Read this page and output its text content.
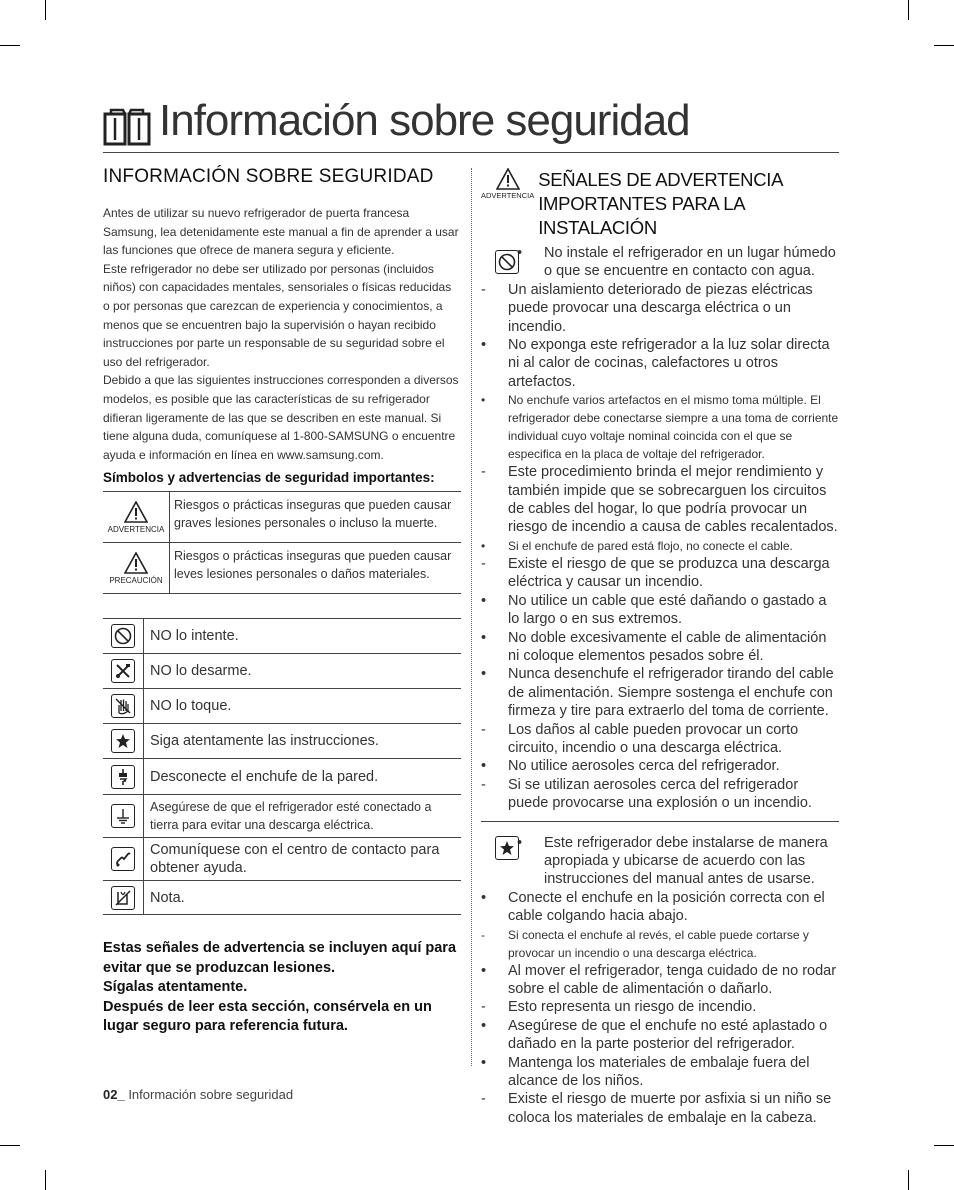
Información sobre seguridad
INFORMACIÓN SOBRE SEGURIDAD

Antes de utilizar su nuevo refrigerador de puerta francesa Samsung, lea detenidamente este manual a fin de aprender a usar las funciones que ofrece de manera segura y eficiente.

Este refrigerador no debe ser utilizado por personas (incluidos niños) con capacidades mentales, sensoriales o físicas reducidas o por personas que carezcan de experiencia y conocimientos, a menos que se encuentren bajo la supervisión o hayan recibido instrucciones por parte un responsable de su seguridad sobre el uso del refrigerador.

Debido a que las siguientes instrucciones corresponden a diversos modelos, es posible que las características de su refrigerador difieran ligeramente de las que se describen en este manual. Si tiene alguna duda, comuníquese al 1-800-SAMSUNG o encuentre ayuda e información en línea en www.samsung.com.

Símbolos y advertencias de seguridad importantes:
ADVERTENCIA
Riesgos o prácticas inseguras que pueden causar graves lesiones personales o incluso la muerte.
PRECAUCIÓN
Riesgos o prácticas inseguras que pueden causar leves lesiones personales o daños materiales.
NO lo intente.
NO lo desarme.
NO lo toque.
Siga atentamente las instrucciones.
Desconecte el enchufe de la pared.
Asegúrese de que el refrigerador esté conectado a tierra para evitar una descarga eléctrica.
Comuníquese con el centro de contacto para obtener ayuda.
Nota.

Estas señales de advertencia se incluyen aquí para evitar que se produzcan lesiones.

Sígalas atentamente.

Después de leer esta sección, consérvela en un lugar seguro para referencia futura.

ADVERTENCIA
SEÑALES DE ADVERTENCIA IMPORTANTES PARA LA INSTALACIÓN
•	No instale el refrigerador en un lugar húmedo o que se encuentre en contacto con agua.
-	Un aislamiento deteriorado de piezas eléctricas puede provocar una descarga eléctrica o un incendio.
•	No exponga este refrigerador a la luz solar directa ni al calor de cocinas, calefactores u otros artefactos.
•	No enchufe varios artefactos en el mismo toma múltiple. El refrigerador debe conectarse siempre a una toma de corriente individual cuyo voltaje nominal coincida con el que se especifica en la placa de voltaje del refrigerador.
-	Este procedimiento brinda el mejor rendimiento y también impide que se sobrecarguen los circuitos de cables del hogar, lo que podría provocar un riesgo de incendio a causa de cables recalentados.
•	Si el enchufe de pared está flojo, no conecte el cable.
-	Existe el riesgo de que se produzca una descarga eléctrica y causar un incendio.
•	No utilice un cable que esté dañando o gastado a lo largo o en sus extremos.
•	No doble excesivamente el cable de alimentación ni coloque elementos pesados sobre él.
•	Nunca desenchufe el refrigerador tirando del cable de alimentación. Siempre sostenga el enchufe con firmeza y tire para extraerlo del toma de corriente.
-	Los daños al cable pueden provocar un corto circuito, incendio o una descarga eléctrica.
•	No utilice aerosoles cerca del refrigerador.
-	Si se utilizan aerosoles cerca del refrigerador puede provocarse una explosión o un incendio.
•	Este refrigerador debe instalarse de manera apropiada y ubicarse de acuerdo con las instrucciones del manual antes de usarse.
•	Conecte el enchufe en la posición correcta con el cable colgando hacia abajo.
-	Si conecta el enchufe al revés, el cable puede cortarse y provocar un incendio o una descarga eléctrica.
•	Al mover el refrigerador, tenga cuidado de no rodar sobre el cable de alimentación o dañarlo.
-	Esto representa un riesgo de incendio.
•	Asegúrese de que el enchufe no esté aplastado o dañado en la parte posterior del refrigerador.
•	Mantenga los materiales de embalaje fuera del alcance de los niños.
-	Existe el riesgo de muerte por asfixia si un niño se coloca los materiales de embalaje en la cabeza.
02_ Información sobre seguridad
